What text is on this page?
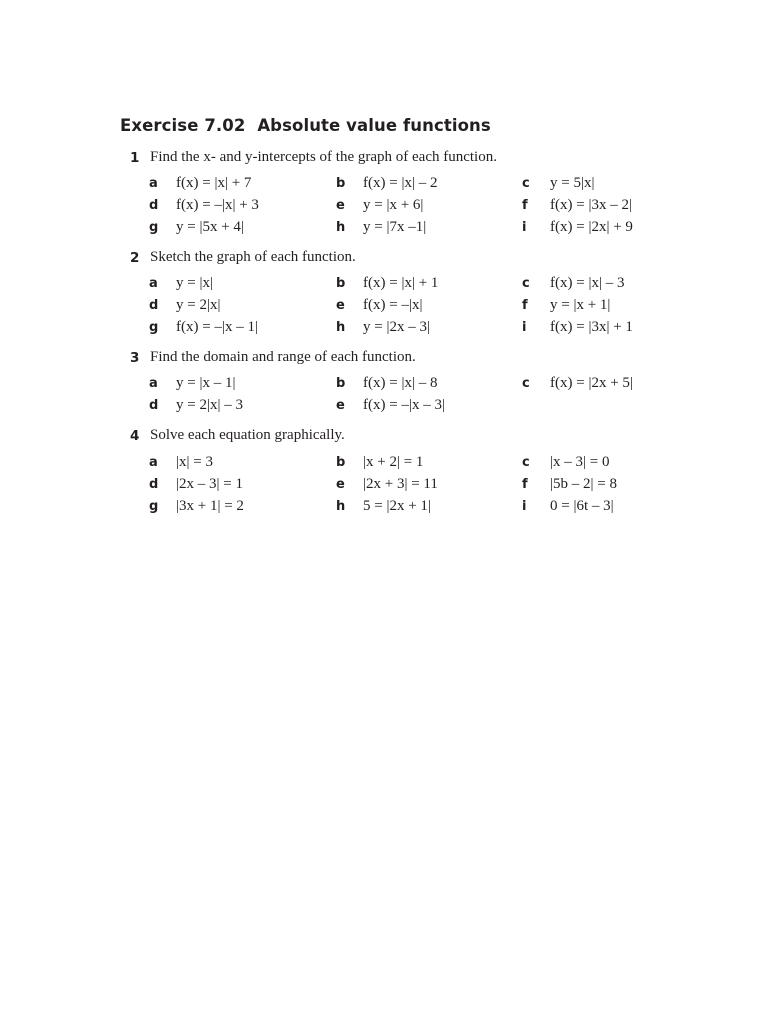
Exercise 7.02 Absolute value functions
1 Find the x- and y-intercepts of the graph of each function.
a f(x) = |x| + 7	b f(x) = |x| – 2	c y = 5|x|
d f(x) = –|x| + 3	e y = |x + 6|	f f(x) = |3x – 2|
g y = |5x + 4|	h y = |7x –1|	i f(x) = |2x| + 9
2 Sketch the graph of each function.
a y = |x|	b f(x) = |x| + 1	c f(x) = |x| – 3
d y = 2|x|	e f(x) = –|x|	f y = |x + 1|
g f(x) = –|x – 1|	h y = |2x – 3|	i f(x) = |3x| + 1
3 Find the domain and range of each function.
a y = |x – 1|	b f(x) = |x| – 8	c f(x) = |2x + 5|
d y = 2|x| – 3	e f(x) = –|x – 3|
4 Solve each equation graphically.
a |x| = 3	b |x + 2| = 1	c |x – 3| = 0
d |2x – 3| = 1	e |2x + 3| = 11	f |5b – 2| = 8
g |3x + 1| = 2	h 5 = |2x + 1|	i 0 = |6t – 3|
